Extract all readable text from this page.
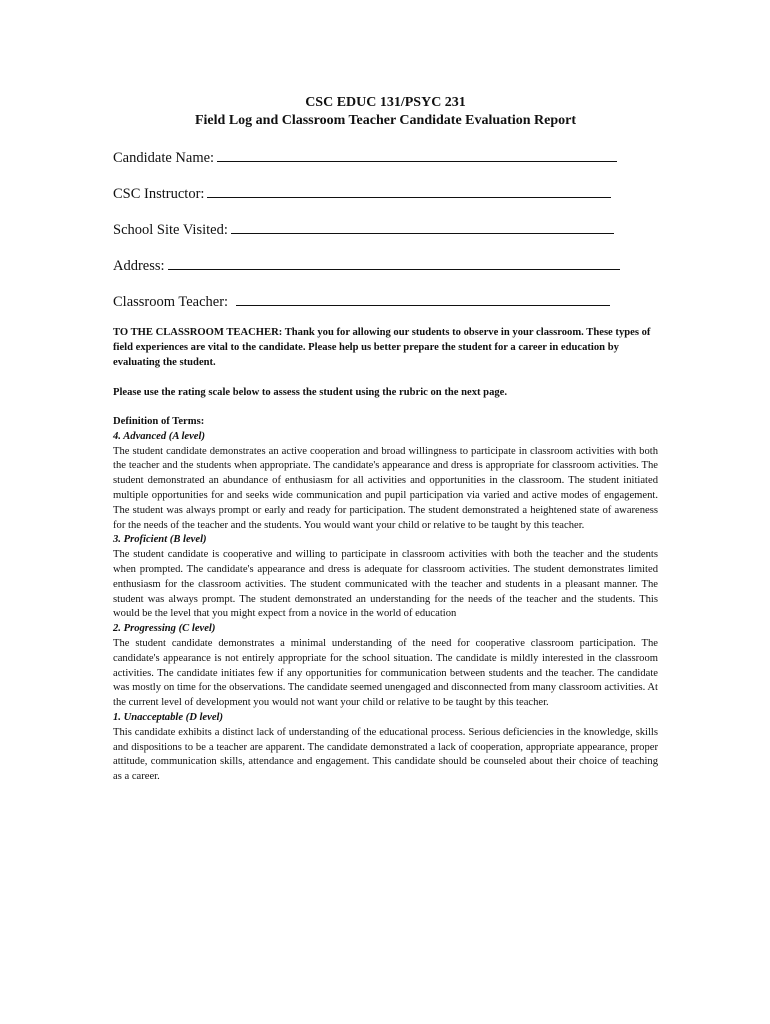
CSC EDUC 131/PSYC 231
Field Log and Classroom Teacher Candidate Evaluation Report
Candidate Name:
CSC Instructor:
School Site Visited:
Address:
Classroom Teacher:
TO THE CLASSROOM TEACHER: Thank you for allowing our students to observe in your classroom. These types of field experiences are vital to the candidate. Please help us better prepare the student for a career in education by evaluating the student.
Please use the rating scale below to assess the student using the rubric on the next page.
Definition of Terms:
4. Advanced (A level)

The student candidate demonstrates an active cooperation and broad willingness to participate in classroom activities with both the teacher and the students when appropriate. The candidate's appearance and dress is appropriate for classroom activities. The student demonstrated an abundance of enthusiasm for all activities and opportunities in the classroom. The student initiated multiple opportunities for and seeks wide communication and pupil participation via varied and active modes of engagement. The student was always prompt or early and ready for participation. The student demonstrated a heightened state of awareness for the needs of the teacher and the students. You would want your child or relative to be taught by this teacher.

3. Proficient (B level)

The student candidate is cooperative and willing to participate in classroom activities with both the teacher and the students when prompted. The candidate's appearance and dress is adequate for classroom activities. The student demonstrates limited enthusiasm for the classroom activities. The student communicated with the teacher and students in a pleasant manner. The student was always prompt. The student demonstrated an understanding for the needs of the teacher and the students. This would be the level that you might expect from a novice in the world of education

2. Progressing (C level)

The student candidate demonstrates a minimal understanding of the need for cooperative classroom participation. The candidate's appearance is not entirely appropriate for the school situation. The candidate is mildly interested in the classroom activities. The candidate initiates few if any opportunities for communication between students and the teacher. The candidate was mostly on time for the observations. The candidate seemed unengaged and disconnected from many classroom activities. At the current level of development you would not want your child or relative to be taught by this teacher.

1. Unacceptable (D level)

This candidate exhibits a distinct lack of understanding of the educational process. Serious deficiencies in the knowledge, skills and dispositions to be a teacher are apparent. The candidate demonstrated a lack of cooperation, appropriate appearance, proper attitude, communication skills, attendance and engagement. This candidate should be counseled about their choice of teaching as a career.
